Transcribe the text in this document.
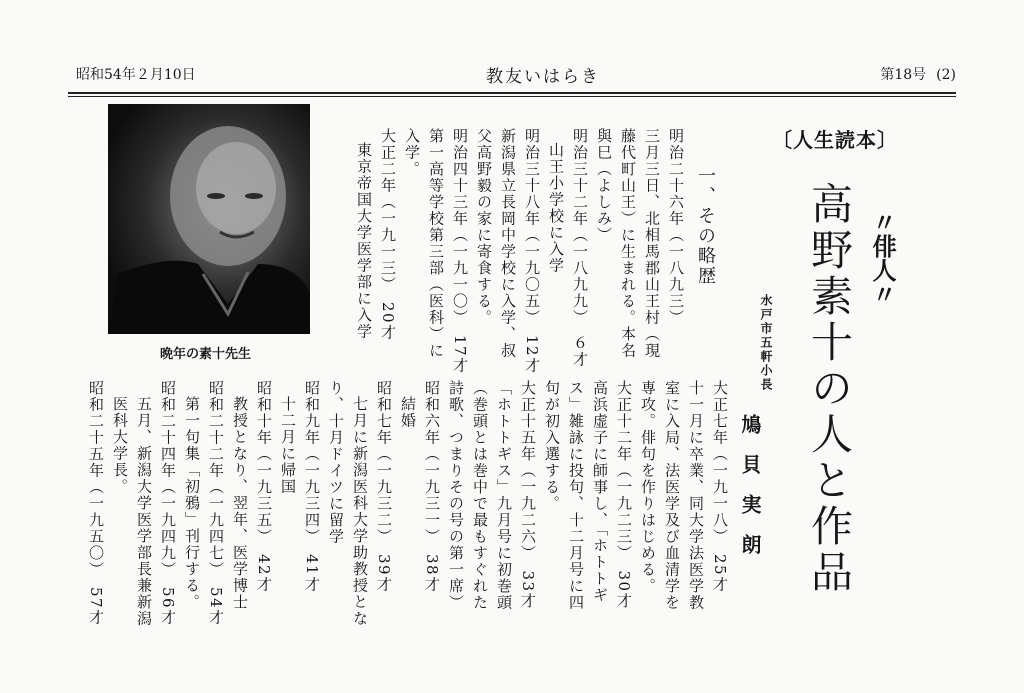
昭和54年２月10日	教友いはらき	第18号 (2)
晩年の素十先生
〔人生読本〕
高野素十の人と作品 〃俳人〃
水戸市五軒小長
鳩　貝　実　朗
一、その略歴
明治二十六年（一八九三）
三月三日、北相馬郡山王村（現
藤代町山王）に生まれる。本名
與巳（よしみ）
明治三十二年（一八九九）　６才
山王小学校に入学
明治三十八年（一九〇五）　12才
新潟県立長岡中学校に入学、叔
父高野毅の家に寄食する。
明治四十三年（一九一〇）　17才
第一高等学校第三部（医科）に
入学。
大正二年（一九一三）　20才
東京帝国大学医学部に入学
大正七年（一九一八）　25才
十一月に卒業、同大学法医学教
室に入局、法医学及び血清学を
専攻。俳句を作りはじめる。
大正十二年（一九二三）　30才
高浜虚子に師事し、「ホトトギ
ス」雑詠に投句、十二月号に四
句が初入選する。
大正十五年（一九二六）　33才
「ホトトギス」九月号に初巻頭
（巻頭とは巻中で最もすぐれた
詩歌、つまりその号の第一席）
昭和六年（一九三一）　38才
結婚
昭和七年（一九三二）　39才
七月に新潟医科大学助教授とな
り、十月ドイツに留学
昭和九年（一九三四）　41才
十二月に帰国
昭和十年（一九三五）　42才
教授となり、翌年、医学博士
昭和二十二年（一九四七）　54才
第一句集「初鴉」刊行する。
昭和二十四年（一九四九）　56才
五月、新潟大学医学部長兼新潟
医科大学長。
昭和二十五年（一九五〇）　57才
